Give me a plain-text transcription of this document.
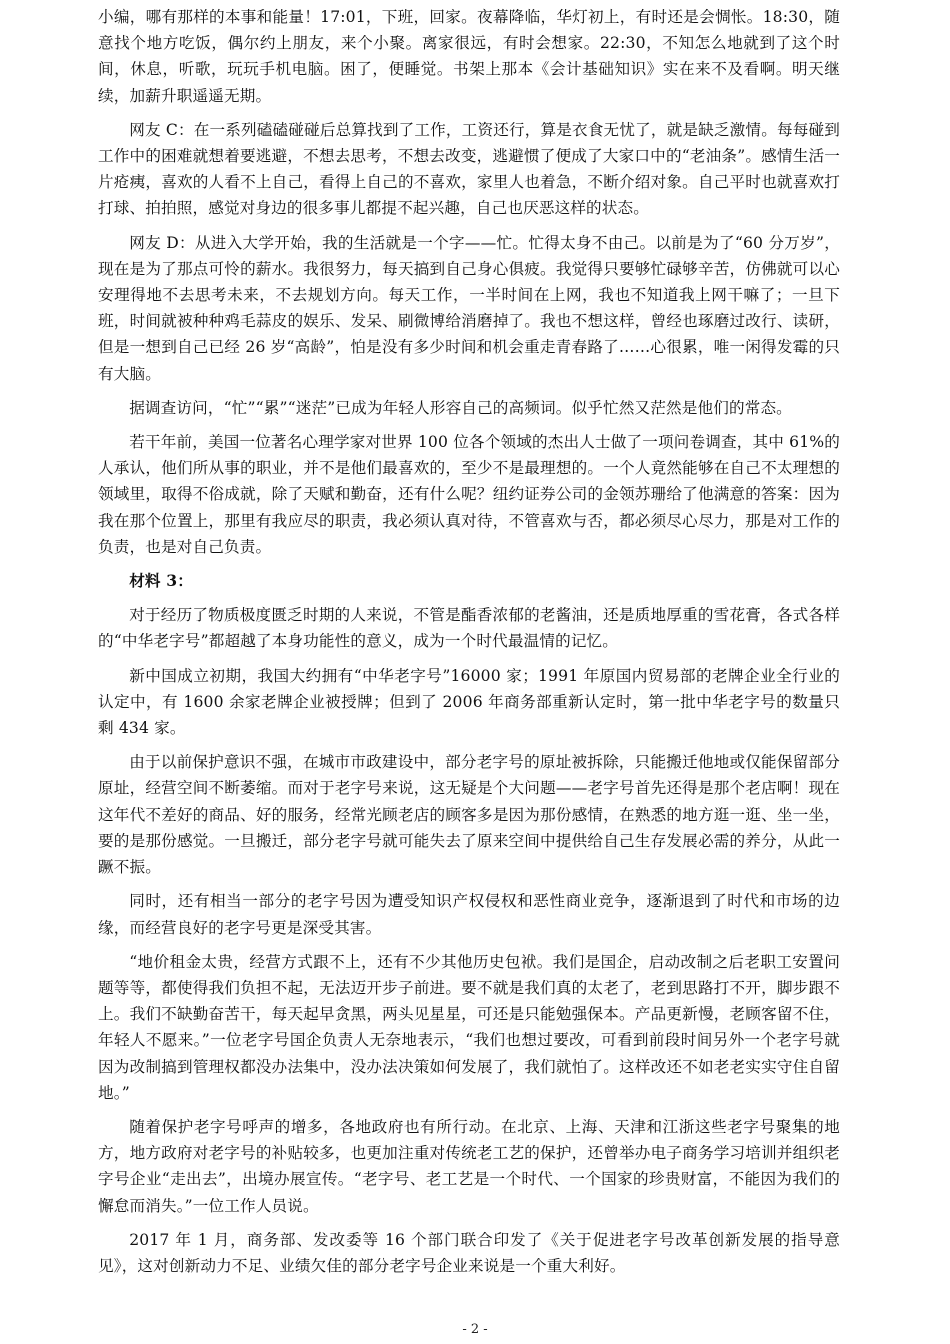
小编，哪有那样的本事和能量！17:01，下班，回家。夜幕降临，华灯初上，有时还是会惆怅。18:30，随意找个地方吃饭，偶尔约上朋友，来个小聚。离家很远，有时会想家。22:30，不知怎么地就到了这个时间，休息，听歌，玩玩手机电脑。困了，便睡觉。书架上那本《会计基础知识》实在来不及看啊。明天继续，加薪升职遥遥无期。

网友 C：在一系列磕磕碰碰后总算找到了工作，工资还行，算是衣食无忧了，就是缺乏激情。每每碰到工作中的困难就想着要逃避，不想去思考，不想去改变，逃避惯了便成了大家口中的“老油条”。感情生活一片疮痍，喜欢的人看不上自己，看得上自己的不喜欢，家里人也着急，不断介绍对象。自己平时也就喜欢打打球、拍拍照，感觉对身边的很多事儿都提不起兴趣，自己也厌恶这样的状态。

网友 D：从进入大学开始，我的生活就是一个字——忙。忙得太身不由己。以前是为了“60 分万岁”，现在是为了那点可怜的薪水。我很努力，每天搞到自己身心俱疲。我觉得只要够忙碌够辛苦，仿佛就可以心安理得地不去思考未来，不去规划方向。每天工作，一半时间在上网，我也不知道我上网干嘛了；一旦下班，时间就被种种鸡毛蒜皮的娱乐、发呆、刷微博给消磨掉了。我也不想这样，曾经也琢磨过改行、读研，但是一想到自己已经 26 岁“高龄”，怕是没有多少时间和机会重走青春路了……心很累，唯一闲得发霉的只有大脑。

据调查访问，“忙”“累”“迷茫”已成为年轻人形容自己的高频词。似乎忙然又茫然是他们的常态。

若干年前，美国一位著名心理学家对世界 100 位各个领域的杰出人士做了一项问卷调查，其中 61%的人承认，他们所从事的职业，并不是他们最喜欢的，至少不是最理想的。一个人竟然能够在自己不太理想的领域里，取得不俗成就，除了天赋和勤奋，还有什么呢？纽约证券公司的金领苏珊给了他满意的答案：因为我在那个位置上，那里有我应尽的职责，我必须认真对待，不管喜欢与否，都必须尽心尽力，那是对工作的负责，也是对自己负责。

材料 3：

对于经历了物质极度匮乏时期的人来说，不管是酯香浓郁的老酱油，还是质地厚重的雪花膏，各式各样的“中华老字号”都超越了本身功能性的意义，成为一个时代最温情的记忆。

新中国成立初期，我国大约拥有“中华老字号”16000 家；1991 年原国内贸易部的老牌企业全行业的认定中，有 1600 余家老牌企业被授牌；但到了 2006 年商务部重新认定时，第一批中华老字号的数量只剩 434 家。

由于以前保护意识不强，在城市市政建设中，部分老字号的原址被拆除，只能搬迁他地或仅能保留部分原址，经营空间不断萎缩。而对于老字号来说，这无疑是个大问题——老字号首先还得是那个老店啊！现在这年代不差好的商品、好的服务，经常光顾老店的顾客多是因为那份感情，在熟悉的地方逛一逛、坐一坐，要的是那份感觉。一旦搬迁，部分老字号就可能失去了原来空间中提供给自己生存发展必需的养分，从此一蹶不振。

同时，还有相当一部分的老字号因为遭受知识产权侵权和恶性商业竞争，逐渐退到了时代和市场的边缘，而经营良好的老字号更是深受其害。

“地价租金太贵，经营方式跟不上，还有不少其他历史包袱。我们是国企，启动改制之后老职工安置问题等等，都使得我们负担不起，无法迈开步子前进。要不就是我们真的太老了，老到思路打不开，脚步跟不上。我们不缺勤奋苦干，每天起早贪黑，两头见星星，可还是只能勉强保本。产品更新慢，老顾客留不住，年轻人不愿来。”一位老字号国企负责人无奈地表示，“我们也想过要改，可看到前段时间另外一个老字号就因为改制搞到管理权都没办法集中，没办法决策如何发展了，我们就怕了。这样改还不如老老实实守住自留地。”

随着保护老字号呼声的增多，各地政府也有所行动。在北京、上海、天津和江浙这些老字号聚集的地方，地方政府对老字号的补贴较多，也更加注重对传统老工艺的保护，还曾举办电子商务学习培训并组织老字号企业“走出去”，出境办展宣传。“老字号、老工艺是一个时代、一个国家的珍贵财富，不能因为我们的懈怠而消失。”一位工作人员说。

2017 年 1 月，商务部、发改委等 16 个部门联合印发了《关于促进老字号改革创新发展的指导意见》，这对创新动力不足、业绩欠佳的部分老字号企业来说是一个重大利好。

- 2 -
